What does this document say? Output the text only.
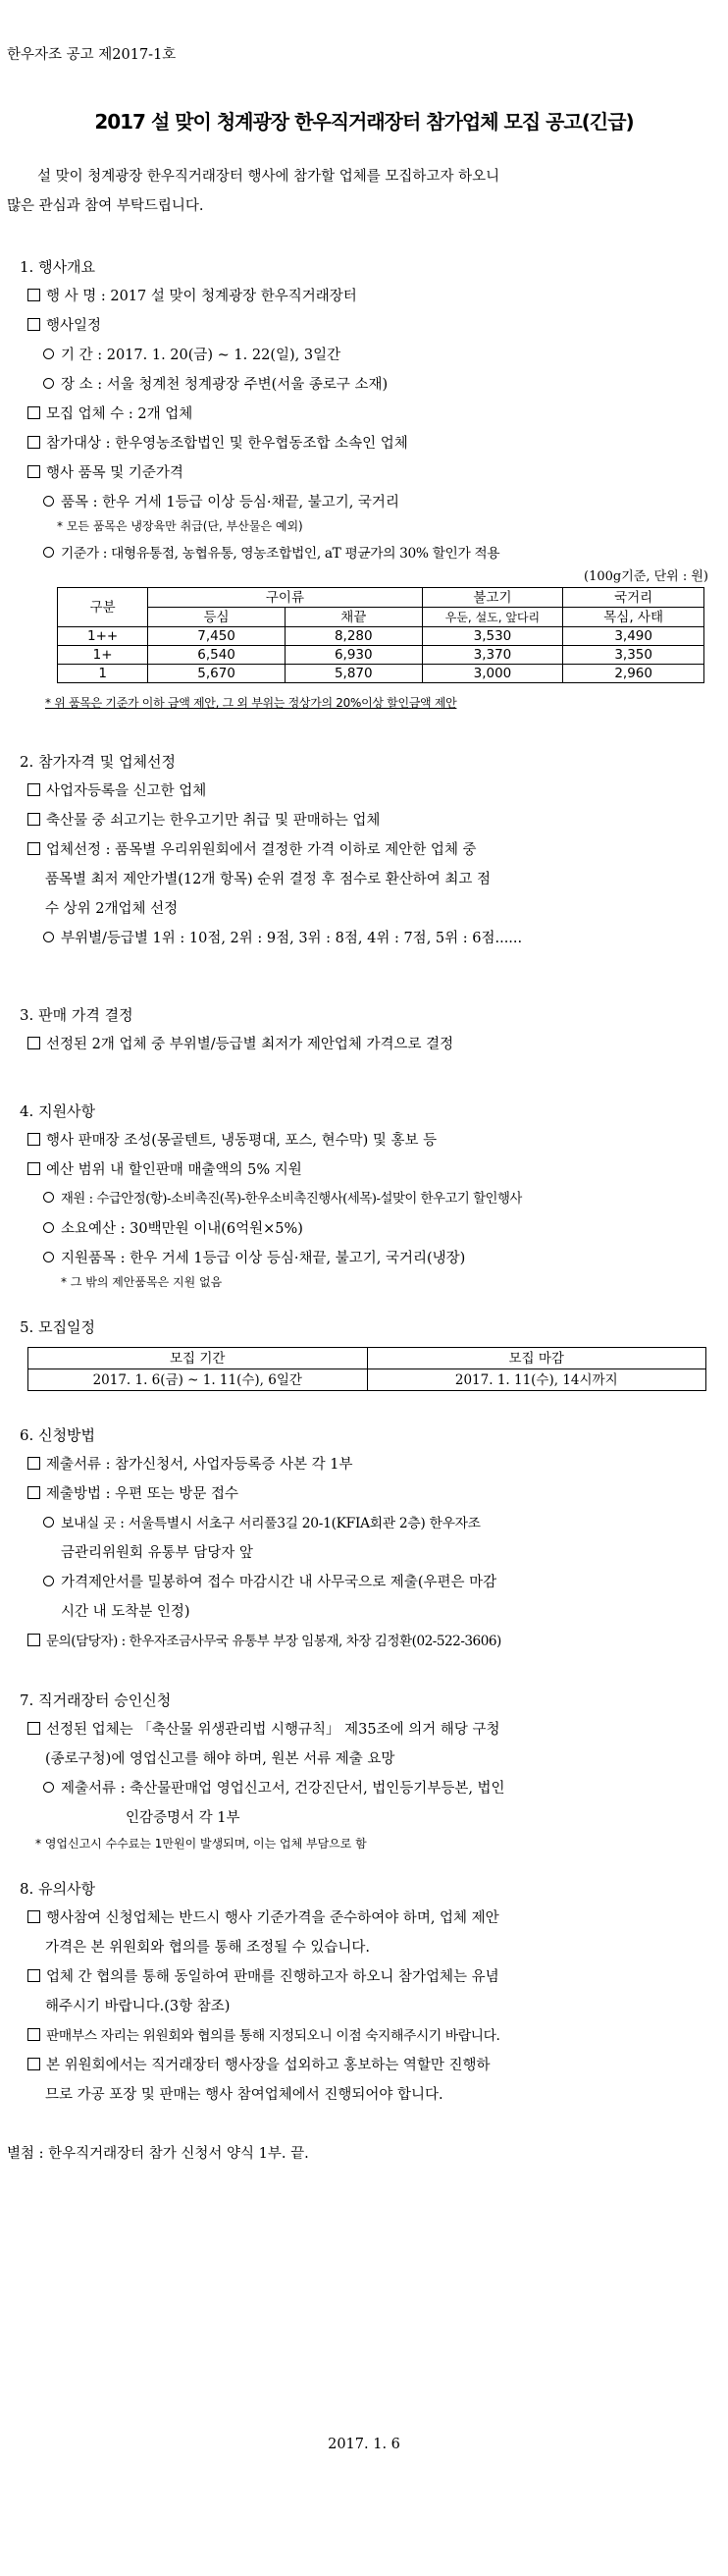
한우자조 공고 제2017-1호
2017 설 맞이 청계광장 한우직거래장터 참가업체 모집 공고(긴급)
설 맞이 청계광장 한우직거래장터 행사에 참가할 업체를 모집하고자 하오니
많은 관심과 참여 부탁드립니다.
1. 행사개요
행 사 명 : 2017 설 맞이 청계광장 한우직거래장터
행사일정
기 간 : 2017. 1. 20(금) ~ 1. 22(일), 3일간
장 소 : 서울 청계천 청계광장 주변(서울 종로구 소재)
모집 업체 수 : 2개 업체
참가대상 : 한우영농조합법인 및 한우협동조합 소속인 업체
행사 품목 및 기준가격
품목 : 한우 거세 1등급 이상 등심·채끝, 불고기, 국거리
* 모든 품목은 냉장육만 취급(단, 부산물은 예외)
기준가 : 대형유통점, 농협유통, 영농조합법인, aT 평균가의 30% 할인가 적용
(100g기준, 단위 : 원)
구분	구이류		불고기	국거리
	등심	채끝	우둔, 설도, 앞다리	목심, 사태
1++	7,450	8,280	3,530	3,490
1+	6,540	6,930	3,370	3,350
1	5,670	5,870	3,000	2,960
* 위 품목은 기준가 이하 금액 제안, 그 외 부위는 정상가의 20%이상 할인금액 제안
2. 참가자격 및 업체선정
사업자등록을 신고한 업체
축산물 중 쇠고기는 한우고기만 취급 및 판매하는 업체
업체선정 : 품목별 우리위원회에서 결정한 가격 이하로 제안한 업체 중
품목별 최저 제안가별(12개 항목) 순위 결정 후 점수로 환산하여 최고 점
수 상위 2개업체 선정
부위별/등급별 1위 : 10점, 2위 : 9점, 3위 : 8점, 4위 : 7점, 5위 : 6점......
3. 판매 가격 결정
선정된 2개 업체 중 부위별/등급별 최저가 제안업체 가격으로 결정
4. 지원사항
행사 판매장 조성(몽골텐트, 냉동평대, 포스, 현수막) 및 홍보 등
예산 범위 내 할인판매 매출액의 5% 지원
재원 : 수급안정(항)-소비촉진(목)-한우소비촉진행사(세목)-설맞이 한우고기 할인행사
소요예산 : 30백만원 이내(6억원×5%)
지원품목 : 한우 거세 1등급 이상 등심·채끝, 불고기, 국거리(냉장)
* 그 밖의 제안품목은 지원 없음
5. 모집일정
모집 기간	모집 마감
2017. 1. 6(금) ~ 1. 11(수), 6일간	2017. 1. 11(수), 14시까지
6. 신청방법
제출서류 : 참가신청서, 사업자등록증 사본 각 1부
제출방법 : 우편 또는 방문 접수
보내실 곳 : 서울특별시 서초구 서리풀3길 20-1(KFIA회관 2층) 한우자조
금관리위원회 유통부 담당자 앞
가격제안서를 밀봉하여 접수 마감시간 내 사무국으로 제출(우편은 마감
시간 내 도착분 인정)
문의(담당자) : 한우자조금사무국 유통부 부장 임봉재, 차장 김정환(02-522-3606)
7. 직거래장터 승인신청
선정된 업체는 「축산물 위생관리법 시행규칙」 제35조에 의거 해당 구청
(종로구청)에 영업신고를 해야 하며, 원본 서류 제출 요망
제출서류 : 축산물판매업 영업신고서, 건강진단서, 법인등기부등본, 법인
인감증명서 각 1부
* 영업신고시 수수료는 1만원이 발생되며, 이는 업체 부담으로 함
8. 유의사항
행사참여 신청업체는 반드시 행사 기준가격을 준수하여야 하며, 업체 제안
가격은 본 위원회와 협의를 통해 조정될 수 있습니다.
업체 간 협의를 통해 동일하여 판매를 진행하고자 하오니 참가업체는 유념
해주시기 바랍니다.(3항 참조)
판매부스 자리는 위원회와 협의를 통해 지정되오니 이점 숙지해주시기 바랍니다.
본 위원회에서는 직거래장터 행사장을 섭외하고 홍보하는 역할만 진행하
므로 가공 포장 및 판매는 행사 참여업체에서 진행되어야 합니다.
별첨 : 한우직거래장터 참가 신청서 양식 1부. 끝.
2017. 1. 6
